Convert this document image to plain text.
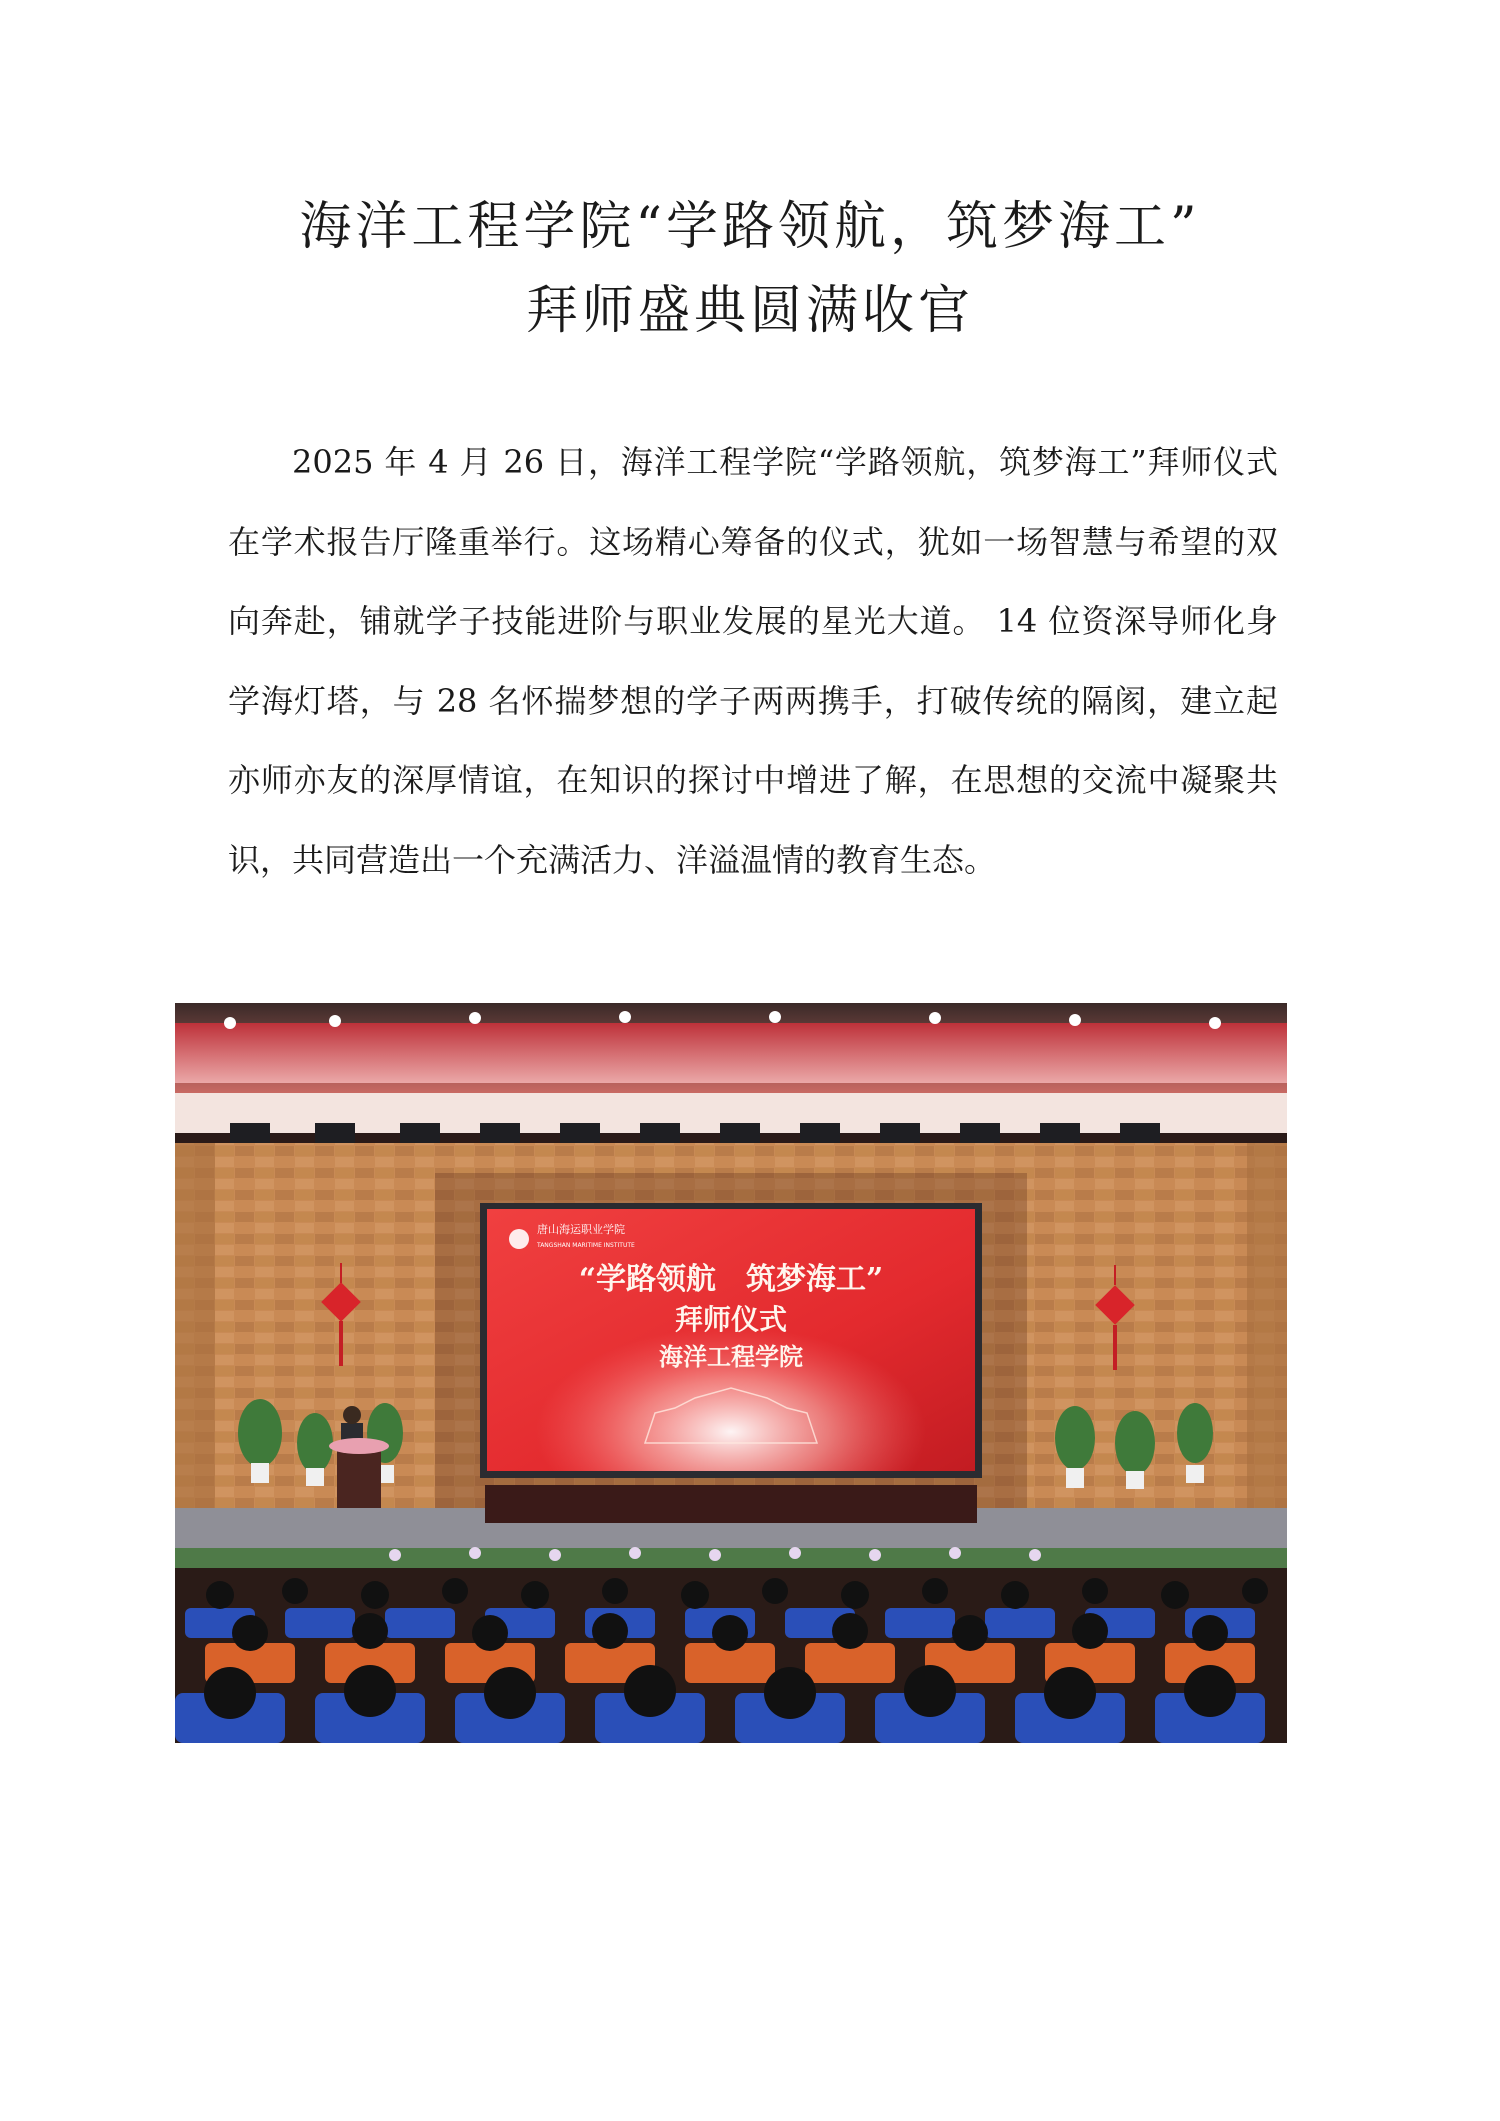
海洋工程学院“学路领航，筑梦海工”
拜师盛典圆满收官

2025 年 4 月 26 日，海洋工程学院“学路领航，筑梦海工”拜师仪式在学术报告厅隆重举行。这场精心筹备的仪式，犹如一场智慧与希望的双向奔赴，铺就学子技能进阶与职业发展的星光大道。 14 位资深导师化身学海灯塔，与 28 名怀揣梦想的学子两两携手，打破传统的隔阂，建立起亦师亦友的深厚情谊，在知识的探讨中增进了解，在思想的交流中凝聚共识，共同营造出一个充满活力、洋溢温情的教育生态。

唐山海运职业学院
TANGSHAN MARITIME INSTITUTE
“学路领航　筑梦海工”
拜师仪式
海洋工程学院
